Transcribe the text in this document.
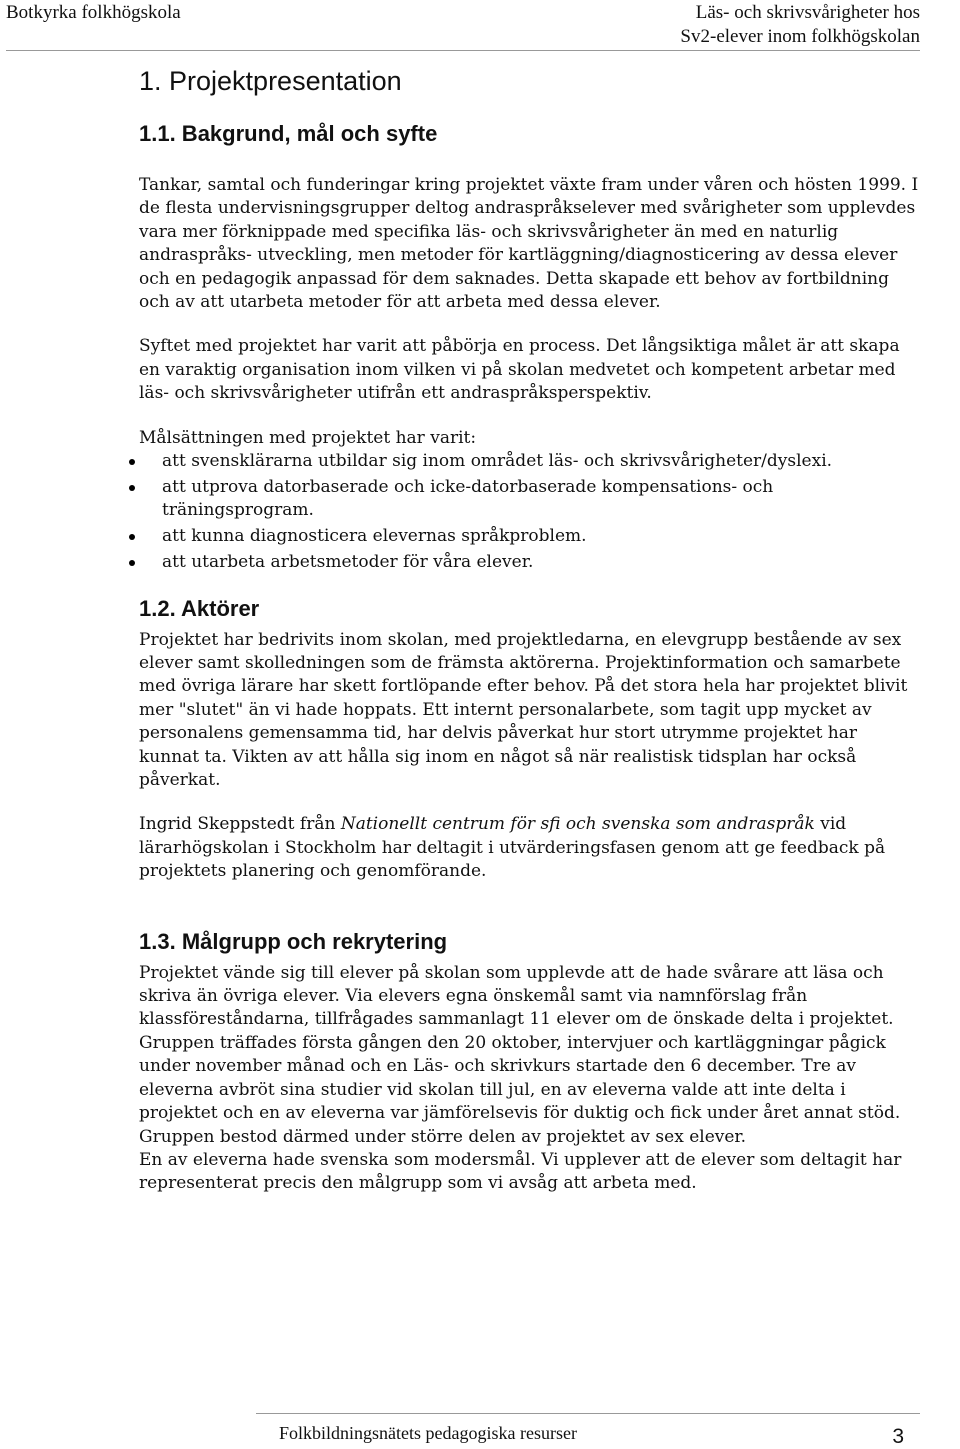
Botkyrka folkhögskola	Läs- och skrivsvårigheter hos
Sv2-elever inom folkhögskolan
1. Projektpresentation
1.1. Bakgrund, mål och syfte

Tankar, samtal och funderingar kring projektet växte fram under våren och hösten 1999. I de flesta undervisningsgrupper deltog andraspråkselever med svårigheter som upplevdes vara mer förknippade med specifika läs- och skrivsvårigheter än med en naturlig andraspråks- utveckling, men metoder för kartläggning/diagnosticering av dessa elever och en pedagogik anpassad för dem saknades. Detta skapade ett behov av fortbildning och av att utarbeta metoder för att arbeta med dessa elever.

Syftet med projektet har varit att påbörja en process. Det långsiktiga målet är att skapa en varaktig organisation inom vilken vi på skolan medvetet och kompetent arbetar med läs- och skrivsvårigheter utifrån ett andraspråksperspektiv.

Målsättningen med projektet har varit:

att svensklärarna utbildar sig inom området läs- och skrivsvårigheter/dyslexi.
att utprova datorbaserade och icke-datorbaserade kompensations- och träningsprogram.
att kunna diagnosticera elevernas språkproblem.
att utarbeta arbetsmetoder för våra elever.
1.2. Aktörer

Projektet har bedrivits inom skolan, med projektledarna, en elevgrupp bestående av sex elever samt skolledningen som de främsta aktörerna. Projektinformation och samarbete med övriga lärare har skett fortlöpande efter behov. På det stora hela har projektet blivit mer "slutet" än vi hade hoppats. Ett internt personalarbete, som tagit upp mycket av personalens gemensamma tid, har delvis påverkat hur stort utrymme projektet har kunnat ta. Vikten av att hålla sig inom en något så när realistisk tidsplan har också påverkat.

Ingrid Skeppstedt från Nationellt centrum för sfi och svenska som andraspråk vid lärarhögskolan i Stockholm har deltagit i utvärderingsfasen genom att ge feedback på projektets planering och genomförande.

1.3. Målgrupp och rekrytering

Projektet vände sig till elever på skolan som upplevde att de hade svårare att läsa och skriva än övriga elever. Via elevers egna önskemål samt via namnförslag från klassföreståndarna, tillfrågades sammanlagt 11 elever om de önskade delta i projektet. Gruppen träffades första gången den 20 oktober, intervjuer och kartläggningar pågick under november månad och en Läs- och skrivkurs startade den 6 december. Tre av eleverna avbröt sina studier vid skolan till jul, en av eleverna valde att inte delta i projektet och en av eleverna var jämförelsevis för duktig och fick under året annat stöd. Gruppen bestod därmed under större delen av projektet av sex elever.

En av eleverna hade svenska som modersmål. Vi upplever att de elever som deltagit har representerat precis den målgrupp som vi avsåg att arbeta med.

Folkbildningsnätets pedagogiska resurser	3
